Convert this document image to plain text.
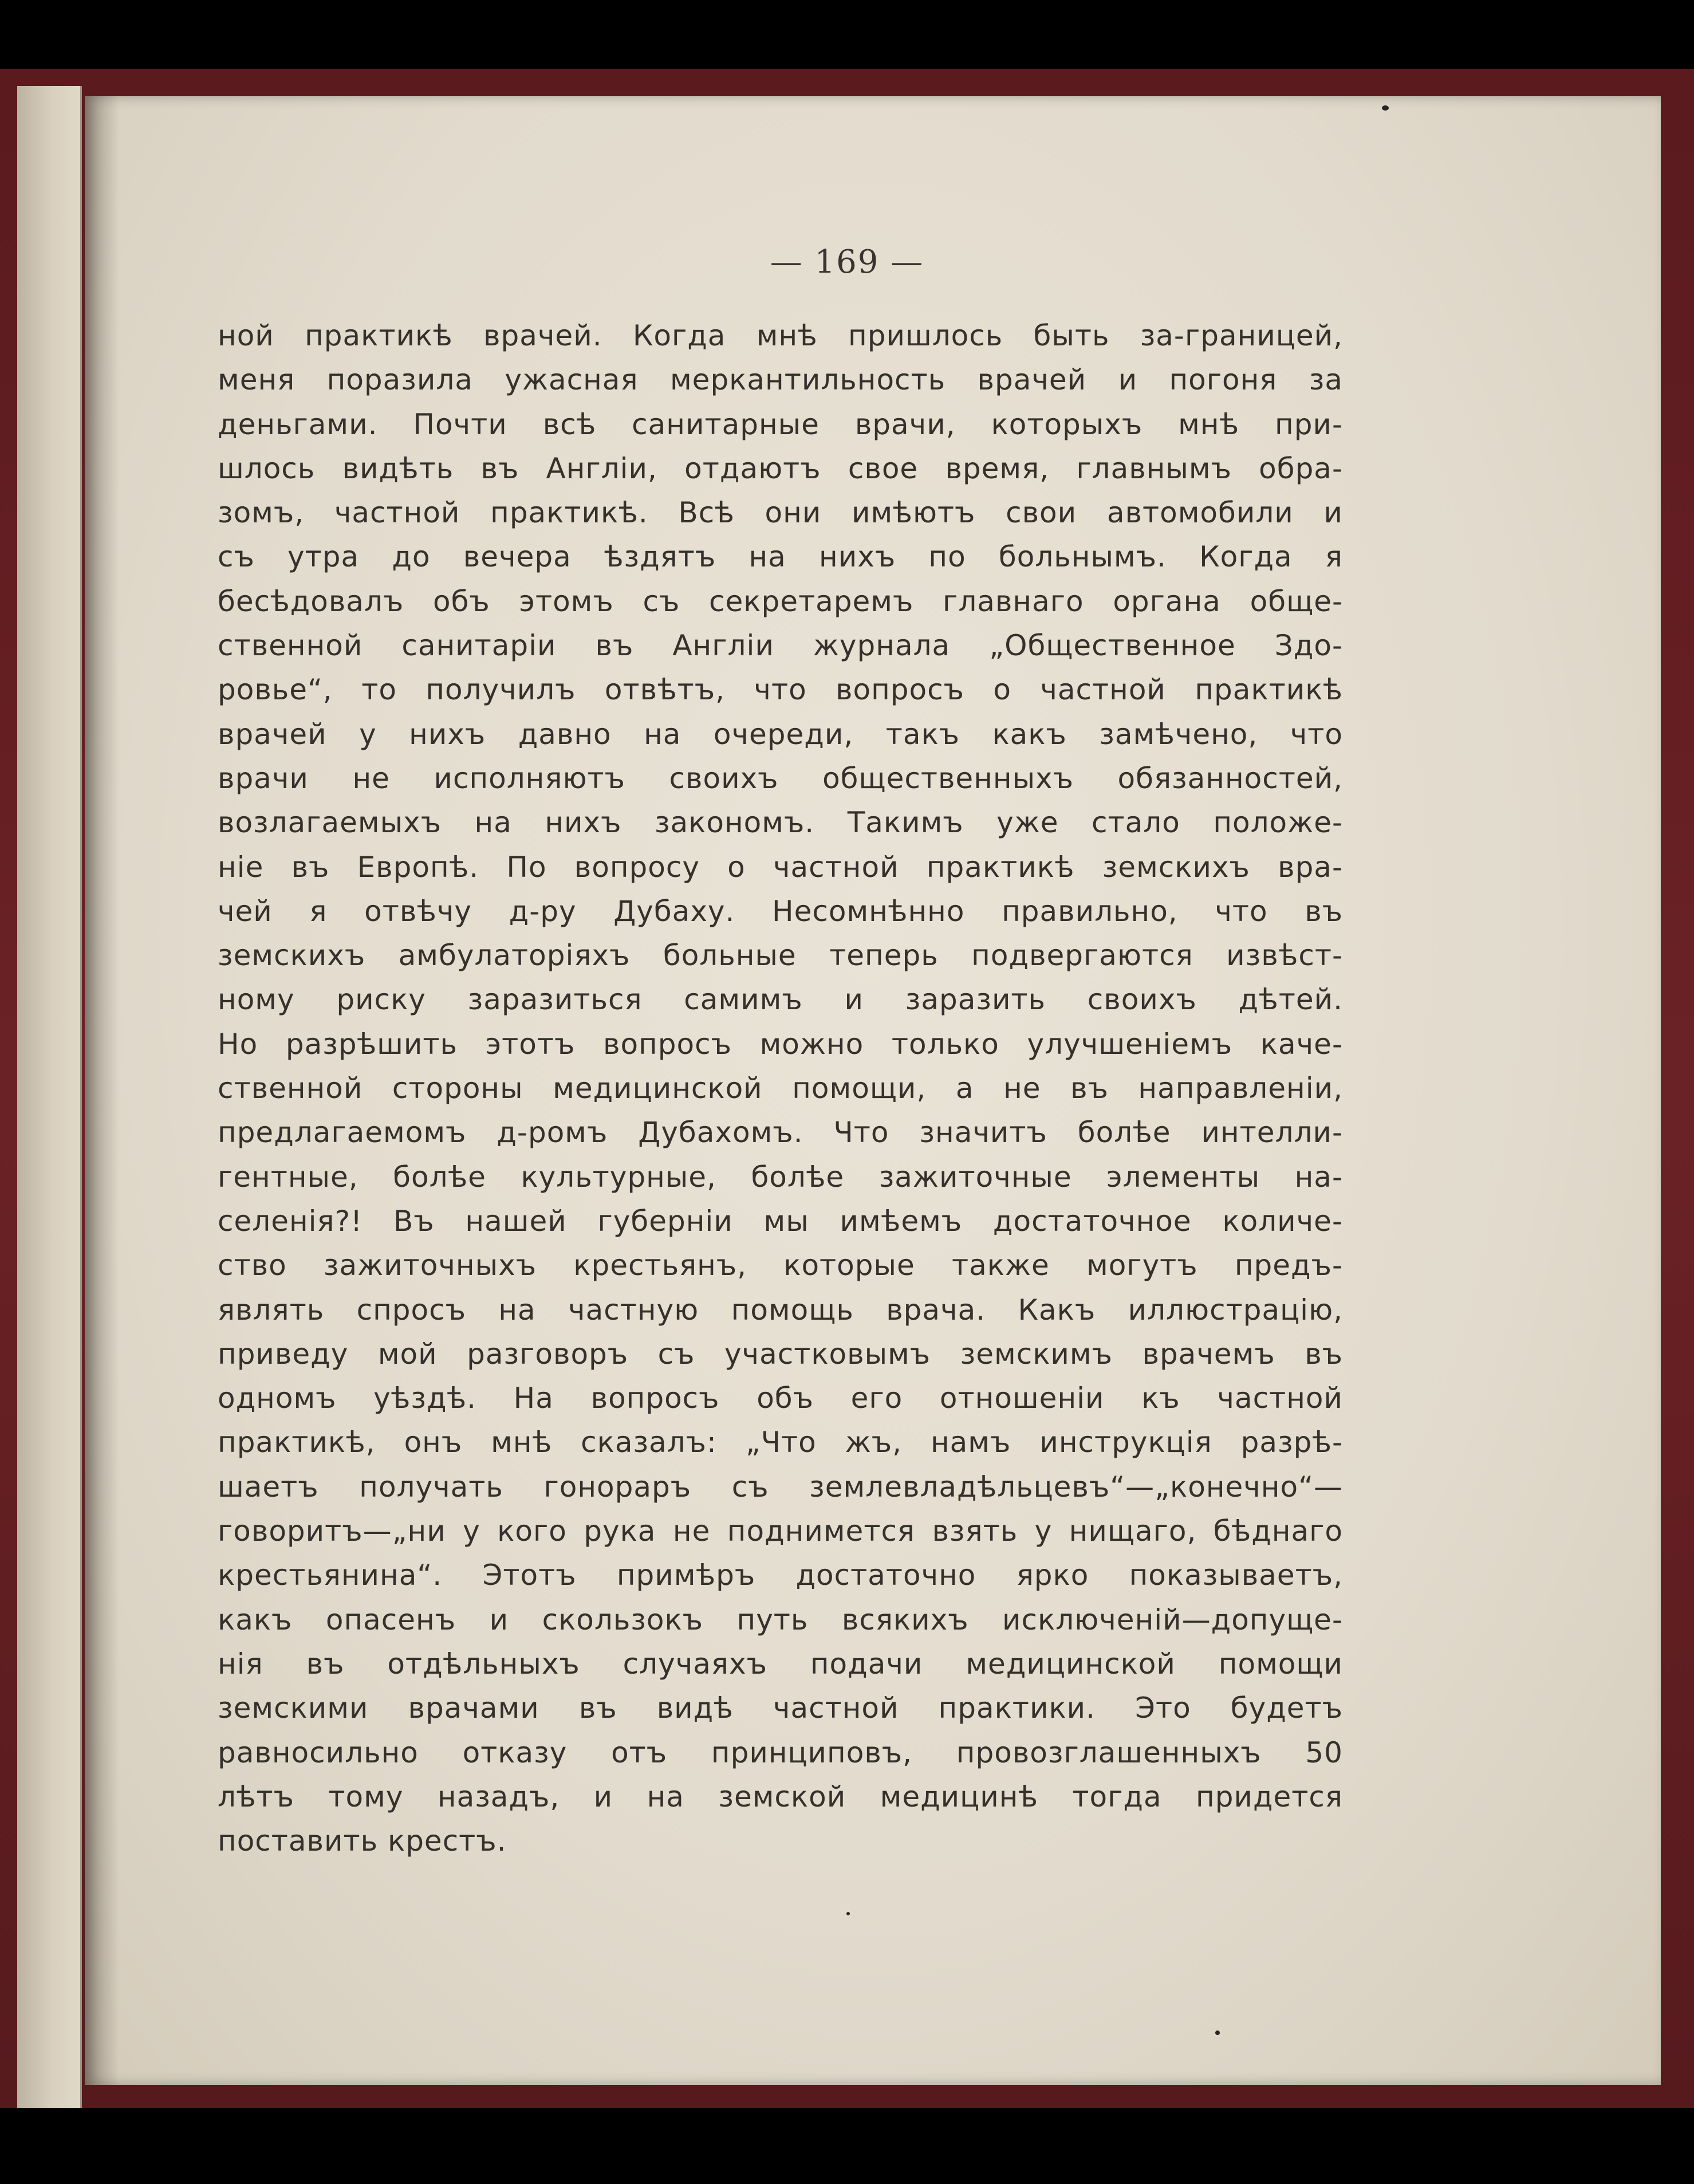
— 169 —
ной практикѣ врачей. Когда мнѣ пришлось быть за-границей,
меня поразила ужасная меркантильность врачей и погоня за
деньгами. Почти всѣ санитарные врачи, которыхъ мнѣ при-
шлось видѣть въ Англіи, отдаютъ свое время, главнымъ обра-
зомъ, частной практикѣ. Всѣ они имѣютъ свои автомобили и
съ утра до вечера ѣздятъ на нихъ по больнымъ. Когда я
бесѣдовалъ объ этомъ съ секретаремъ главнаго органа обще-
ственной санитаріи въ Англіи журнала „Общественное Здо-
ровье“, то получилъ отвѣтъ, что вопросъ о частной практикѣ
врачей у нихъ давно на очереди, такъ какъ замѣчено, что
врачи не исполняютъ своихъ общественныхъ обязанностей,
возлагаемыхъ на нихъ закономъ. Такимъ уже стало положе-
ніе въ Европѣ. По вопросу о частной практикѣ земскихъ вра-
чей я отвѣчу д-ру Дубаху. Несомнѣнно правильно, что въ
земскихъ амбулаторіяхъ больные теперь подвергаются извѣст-
ному риску заразиться самимъ и заразить своихъ дѣтей.
Но разрѣшить этотъ вопросъ можно только улучшеніемъ каче-
ственной стороны медицинской помощи, а не въ направленіи,
предлагаемомъ д-ромъ Дубахомъ. Что значитъ болѣе интелли-
гентные, болѣе культурные, болѣе зажиточные элементы на-
селенія?! Въ нашей губерніи мы имѣемъ достаточное количе-
ство зажиточныхъ крестьянъ, которые также могутъ предъ-
являть спросъ на частную помощь врача. Какъ иллюстрацію,
приведу мой разговоръ съ участковымъ земскимъ врачемъ въ
одномъ уѣздѣ. На вопросъ объ его отношеніи къ частной
практикѣ, онъ мнѣ сказалъ: „Что жъ, намъ инструкція разрѣ-
шаетъ получать гонораръ съ землевладѣльцевъ“—„конечно“—
говоритъ—„ни у кого рука не поднимется взять у нищаго, бѣднаго
крестьянина“. Этотъ примѣръ достаточно ярко показываетъ,
какъ опасенъ и скользокъ путь всякихъ исключеній—допуще-
нія въ отдѣльныхъ случаяхъ подачи медицинской помощи
земскими врачами въ видѣ частной практики. Это будетъ
равносильно отказу отъ принциповъ, провозглашенныхъ 50
лѣтъ тому назадъ, и на земской медицинѣ тогда придется
поставить крестъ.
